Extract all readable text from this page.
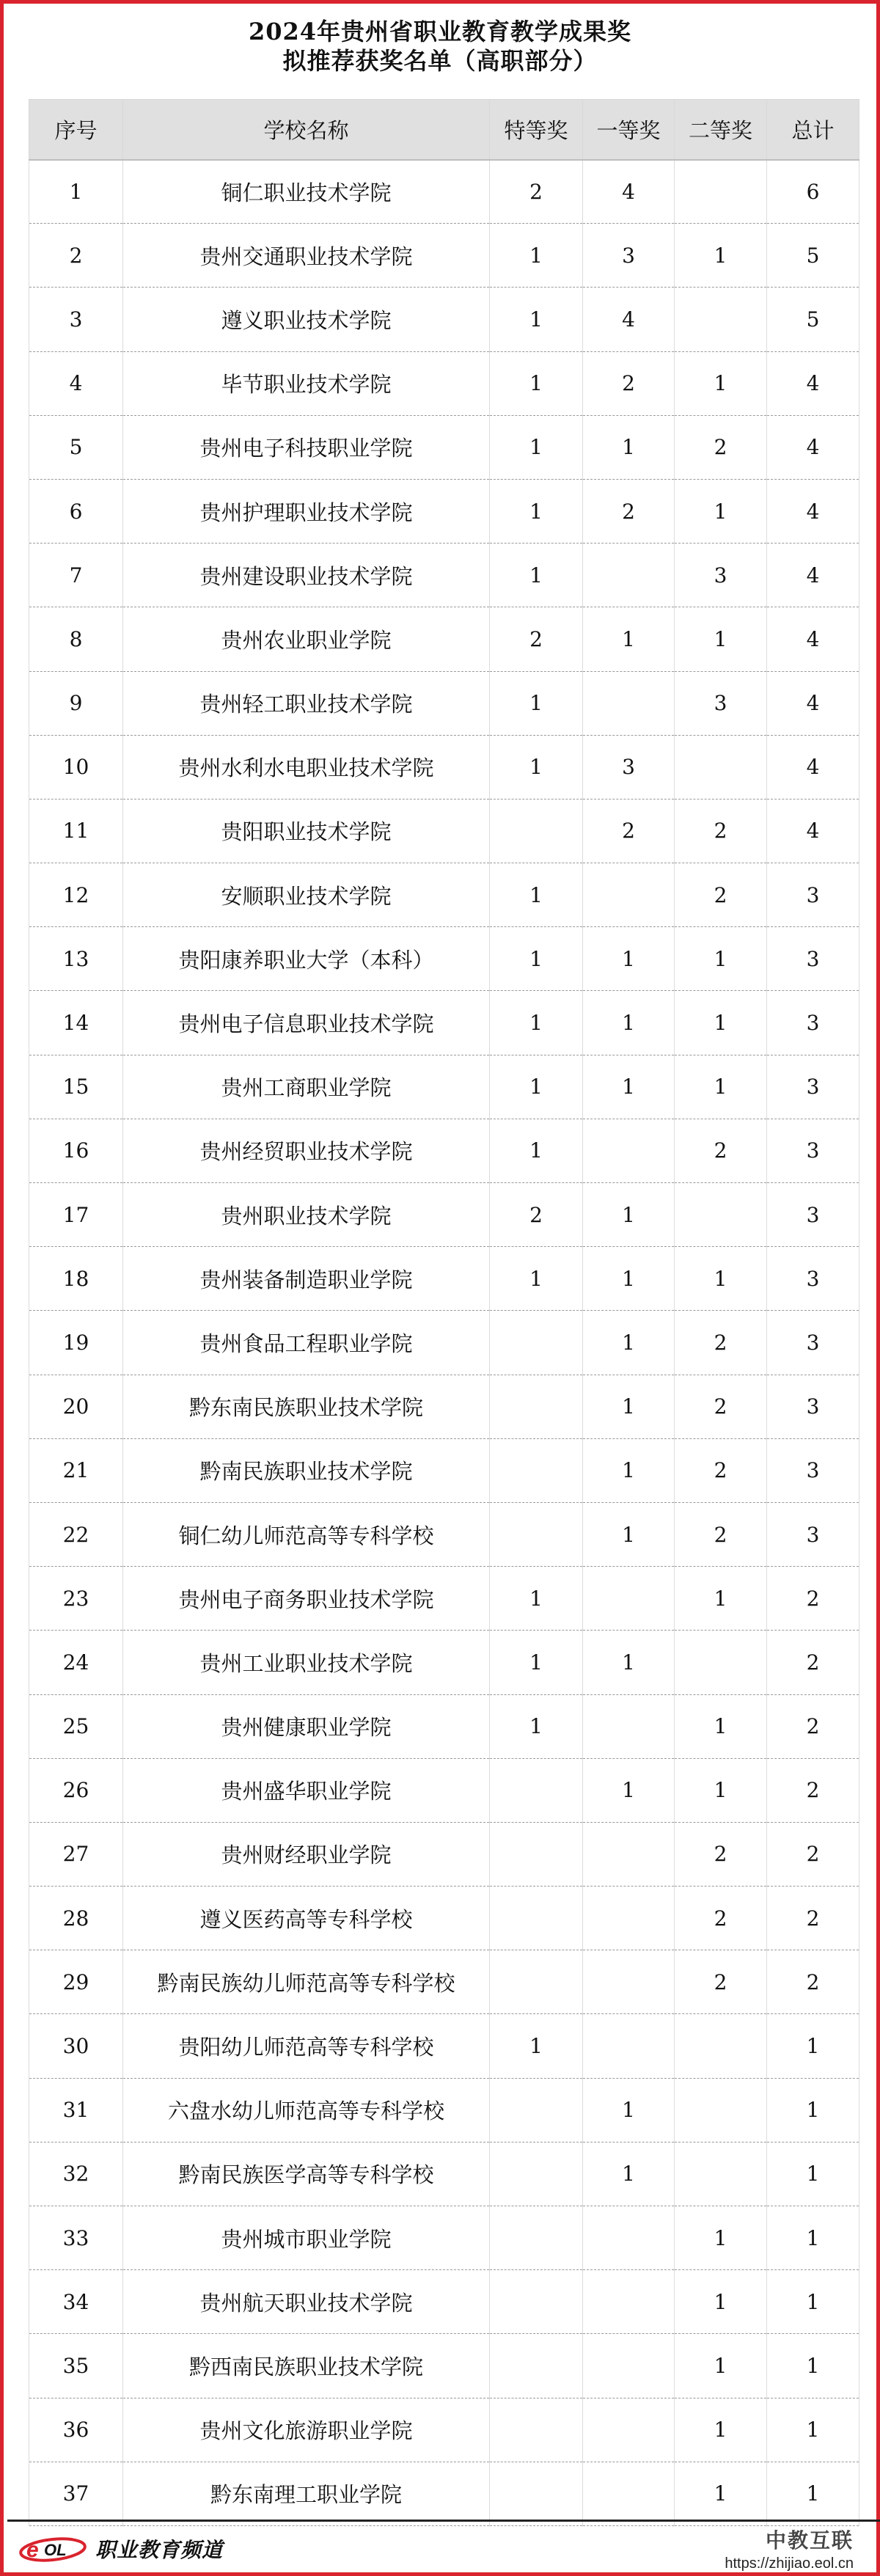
2024年贵州省职业教育教学成果奖
拟推荐获奖名单（高职部分）
序号	学校名称	特等奖	一等奖	二等奖	总计
1	铜仁职业技术学院	2	4		6
2	贵州交通职业技术学院	1	3	1	5
3	遵义职业技术学院	1	4		5
4	毕节职业技术学院	1	2	1	4
5	贵州电子科技职业学院	1	1	2	4
6	贵州护理职业技术学院	1	2	1	4
7	贵州建设职业技术学院	1		3	4
8	贵州农业职业学院	2	1	1	4
9	贵州轻工职业技术学院	1		3	4
10	贵州水利水电职业技术学院	1	3		4
11	贵阳职业技术学院		2	2	4
12	安顺职业技术学院	1		2	3
13	贵阳康养职业大学（本科）	1	1	1	3
14	贵州电子信息职业技术学院	1	1	1	3
15	贵州工商职业学院	1	1	1	3
16	贵州经贸职业技术学院	1		2	3
17	贵州职业技术学院	2	1		3
18	贵州装备制造职业学院	1	1	1	3
19	贵州食品工程职业学院		1	2	3
20	黔东南民族职业技术学院		1	2	3
21	黔南民族职业技术学院		1	2	3
22	铜仁幼儿师范高等专科学校		1	2	3
23	贵州电子商务职业技术学院	1		1	2
24	贵州工业职业技术学院	1	1		2
25	贵州健康职业学院	1		1	2
26	贵州盛华职业学院		1	1	2
27	贵州财经职业学院			2	2
28	遵义医药高等专科学校			2	2
29	黔南民族幼儿师范高等专科学校			2	2
30	贵阳幼儿师范高等专科学校	1			1
31	六盘水幼儿师范高等专科学校		1		1
32	黔南民族医学高等专科学校		1		1
33	贵州城市职业学院			1	1
34	贵州航天职业技术学院			1	1
35	黔西南民族职业技术学院			1	1
36	贵州文化旅游职业学院			1	1
37	黔东南理工职业学院			1	1
e OL 职业教育频道	中教互联
https://zhijiao.eol.cn
